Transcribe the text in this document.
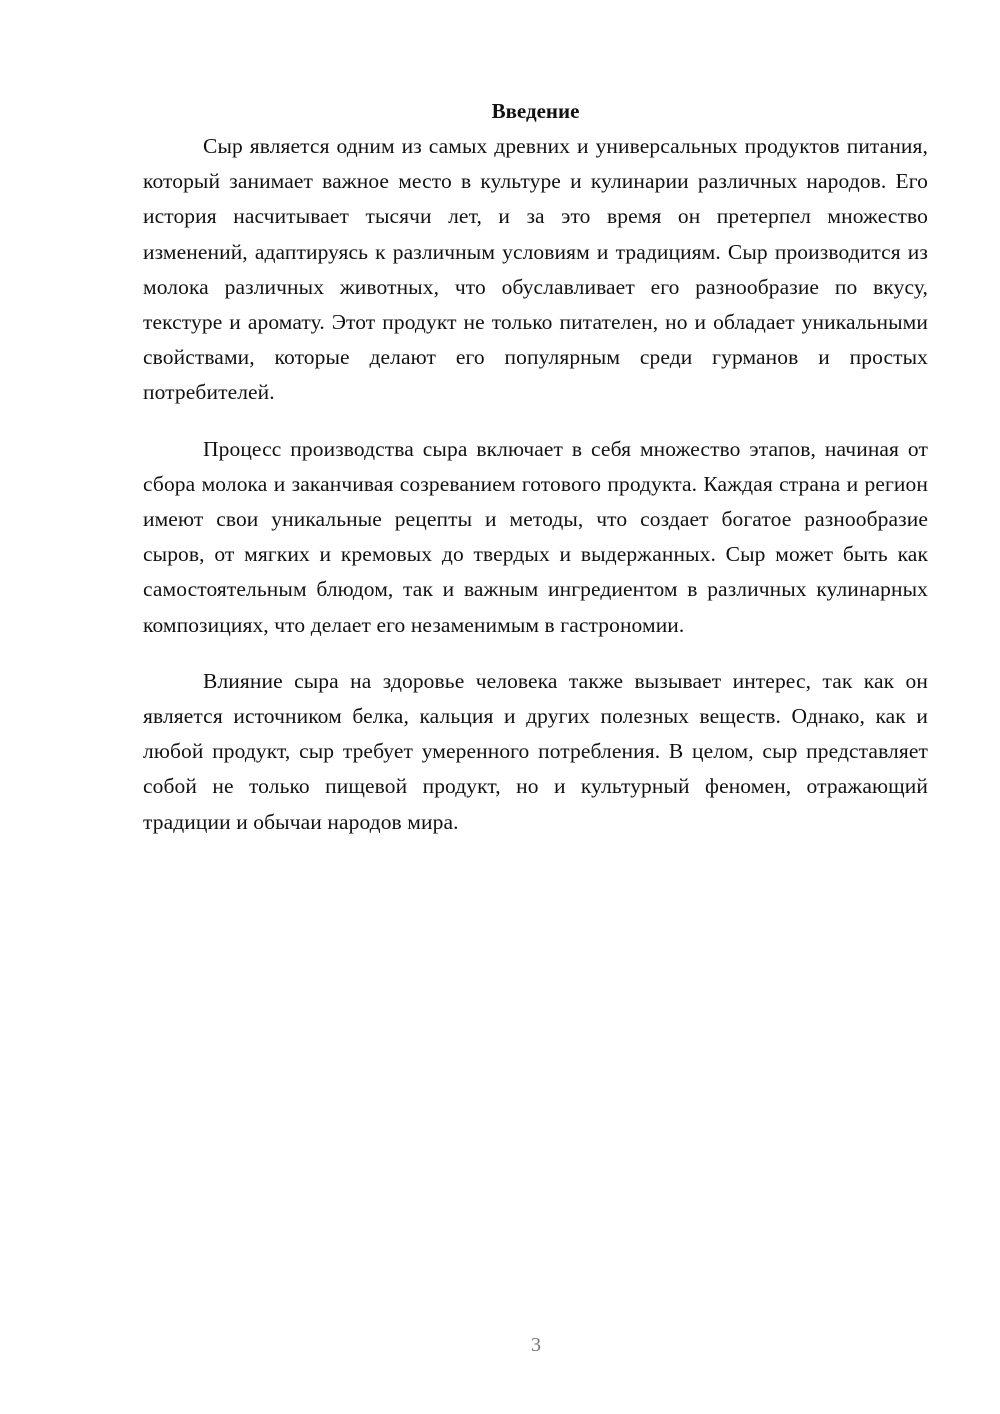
Введение

Сыр является одним из самых древних и универсальных продуктов питания, который занимает важное место в культуре и кулинарии различных народов. Его история насчитывает тысячи лет, и за это время он претерпел множество изменений, адаптируясь к различным условиям и традициям. Сыр производится из молока различных животных, что обуславливает его разнообразие по вкусу, текстуре и аромату. Этот продукт не только питателен, но и обладает уникальными свойствами, которые делают его популярным среди гурманов и простых потребителей.

Процесс производства сыра включает в себя множество этапов, начиная от сбора молока и заканчивая созреванием готового продукта. Каждая страна и регион имеют свои уникальные рецепты и методы, что создает богатое разнообразие сыров, от мягких и кремовых до твердых и выдержанных. Сыр может быть как самостоятельным блюдом, так и важным ингредиентом в различных кулинарных композициях, что делает его незаменимым в гастрономии.

Влияние сыра на здоровье человека также вызывает интерес, так как он является источником белка, кальция и других полезных веществ. Однако, как и любой продукт, сыр требует умеренного потребления. В целом, сыр представляет собой не только пищевой продукт, но и культурный феномен, отражающий традиции и обычаи народов мира.

3
